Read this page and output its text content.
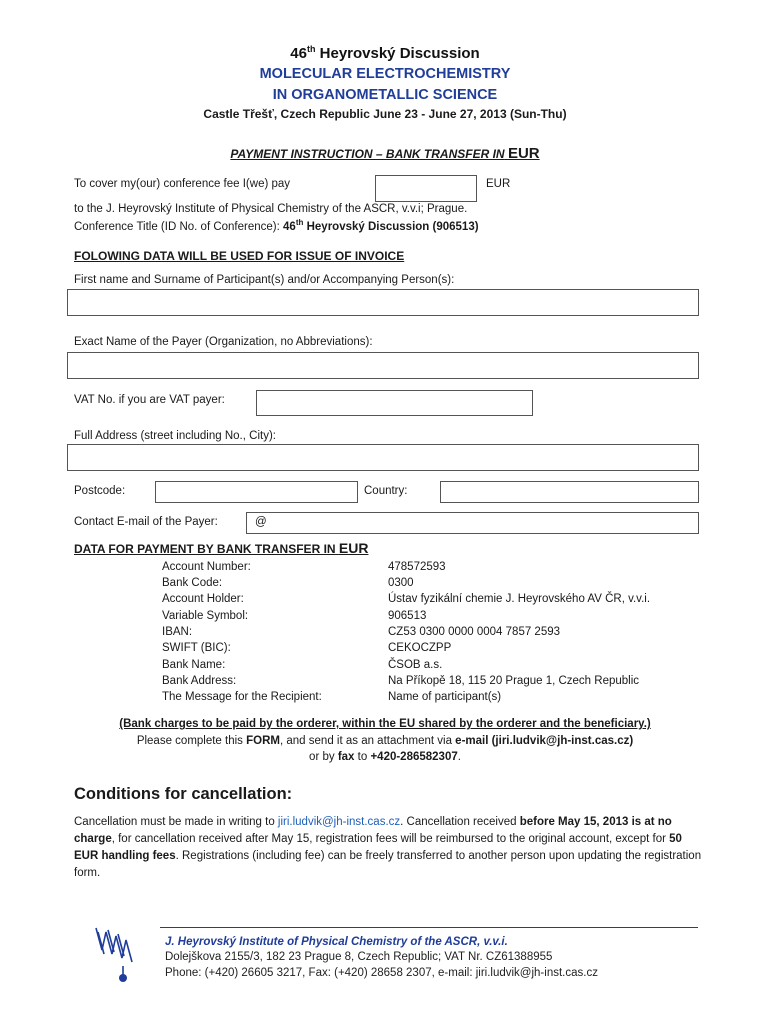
46th Heyrovský Discussion
MOLECULAR ELECTROCHEMISTRY
IN ORGANOMETALLIC SCIENCE
Castle Třešť, Czech Republic June 23 - June 27, 2013 (Sun-Thu)
PAYMENT INSTRUCTION – BANK TRANSFER IN EUR
To cover my(our) conference fee I(we) pay	EUR
to the J. Heyrovský Institute of Physical Chemistry of the ASCR, v.v.i; Prague.
Conference Title (ID No. of Conference): 46th Heyrovský Discussion (906513)
FOLOWING DATA WILL BE USED FOR ISSUE OF INVOICE
First name and Surname of Participant(s) and/or Accompanying Person(s):
Exact Name of the Payer (Organization, no Abbreviations):
VAT No. if you are VAT payer:
Full Address (street including No., City):
Postcode:	Country:
Contact E-mail of the Payer:	@
DATA FOR PAYMENT BY BANK TRANSFER IN EUR
Account Number:	478572593
Bank Code:	0300
Account Holder:	Ústav fyzikální chemie J. Heyrovského AV ČR, v.v.i.
Variable Symbol:	906513
IBAN:	CZ53 0300 0000 0004 7857 2593
SWIFT (BIC):	CEKOCZPP
Bank Name:	ČSOB a.s.
Bank Address:	Na Příkopě 18, 115 20 Prague 1, Czech Republic
The Message for the Recipient:	Name of participant(s)
(Bank charges to be paid by the orderer, within the EU shared by the orderer and the beneficiary.)
Please complete this FORM, and send it as an attachment via e-mail (jiri.ludvik@jh-inst.cas.cz)
or by fax to +420-286582307.
Conditions for cancellation:
Cancellation must be made in writing to jiri.ludvik@jh-inst.cas.cz. Cancellation received before May 15, 2013 is at no charge, for cancellation received after May 15, registration fees will be reimbursed to the original account, except for 50 EUR handling fees. Registrations (including fee) can be freely transferred to another person upon updating the registration form.
J. Heyrovský Institute of Physical Chemistry of the ASCR, v.v.i.
Dolejškova 2155/3, 182 23 Prague 8, Czech Republic; VAT Nr. CZ61388955
Phone: (+420) 26605 3217, Fax: (+420) 28658 2307, e-mail: jiri.ludvik@jh-inst.cas.cz
